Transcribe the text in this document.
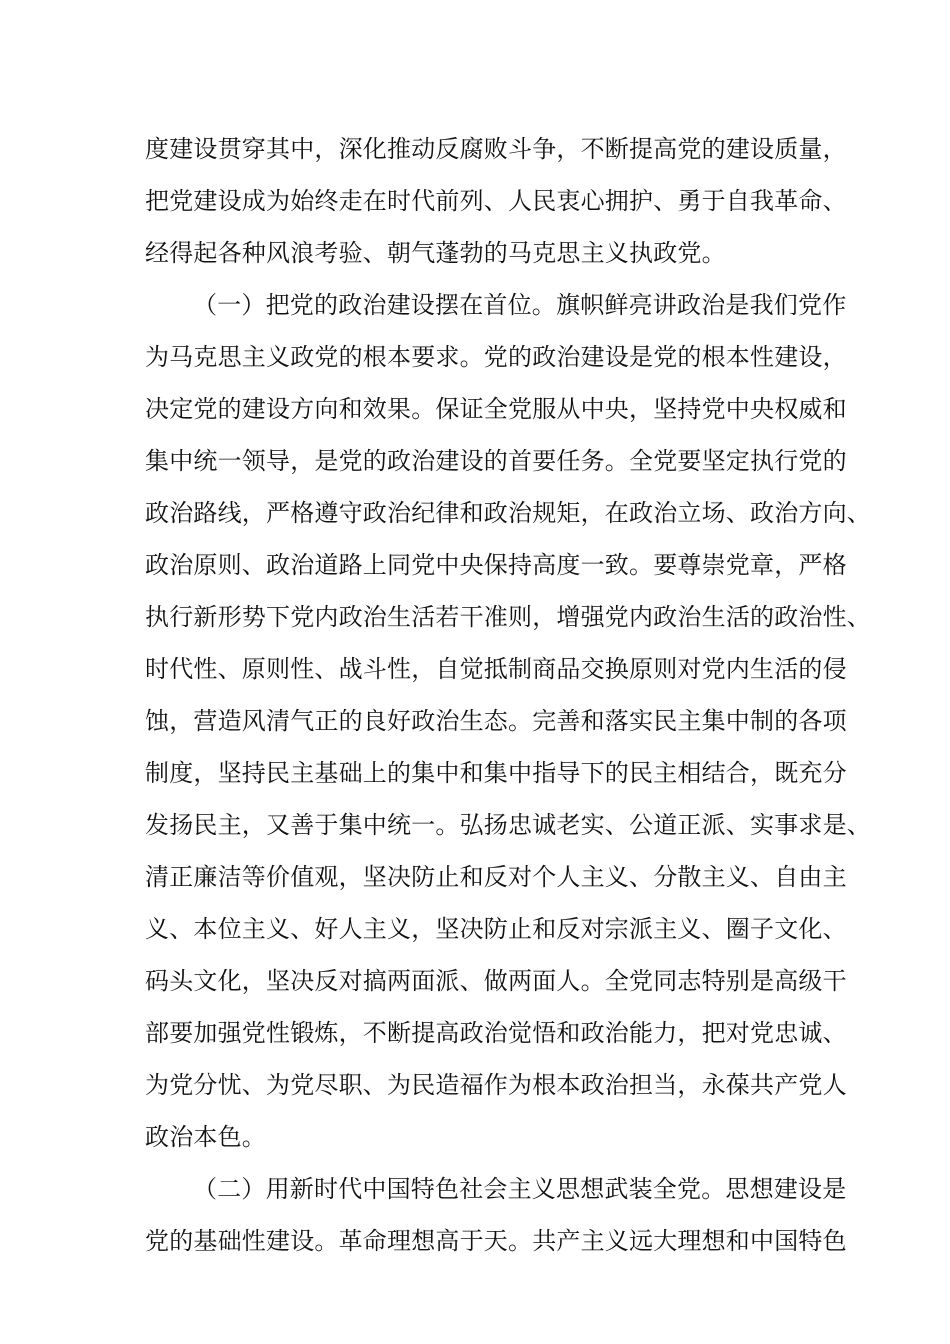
度建设贯穿其中，深化推动反腐败斗争，不断提高党的建设质量，
把党建设成为始终走在时代前列、人民衷心拥护、勇于自我革命、
经得起各种风浪考验、朝气蓬勃的马克思主义执政党。
（一）把党的政治建设摆在首位。旗帜鲜亮讲政治是我们党作
为马克思主义政党的根本要求。党的政治建设是党的根本性建设，
决定党的建设方向和效果。保证全党服从中央，坚持党中央权威和
集中统一领导，是党的政治建设的首要任务。全党要坚定执行党的
政治路线，严格遵守政治纪律和政治规矩，在政治立场、政治方向、
政治原则、政治道路上同党中央保持高度一致。要尊崇党章，严格
执行新形势下党内政治生活若干准则，增强党内政治生活的政治性、
时代性、原则性、战斗性，自觉抵制商品交换原则对党内生活的侵
蚀，营造风清气正的良好政治生态。完善和落实民主集中制的各项
制度，坚持民主基础上的集中和集中指导下的民主相结合，既充分
发扬民主，又善于集中统一。弘扬忠诚老实、公道正派、实事求是、
清正廉洁等价值观，坚决防止和反对个人主义、分散主义、自由主
义、本位主义、好人主义，坚决防止和反对宗派主义、圈子文化、
码头文化，坚决反对搞两面派、做两面人。全党同志特别是高级干
部要加强党性锻炼，不断提高政治觉悟和政治能力，把对党忠诚、
为党分忧、为党尽职、为民造福作为根本政治担当，永葆共产党人
政治本色。
（二）用新时代中国特色社会主义思想武装全党。思想建设是
党的基础性建设。革命理想高于天。共产主义远大理想和中国特色
